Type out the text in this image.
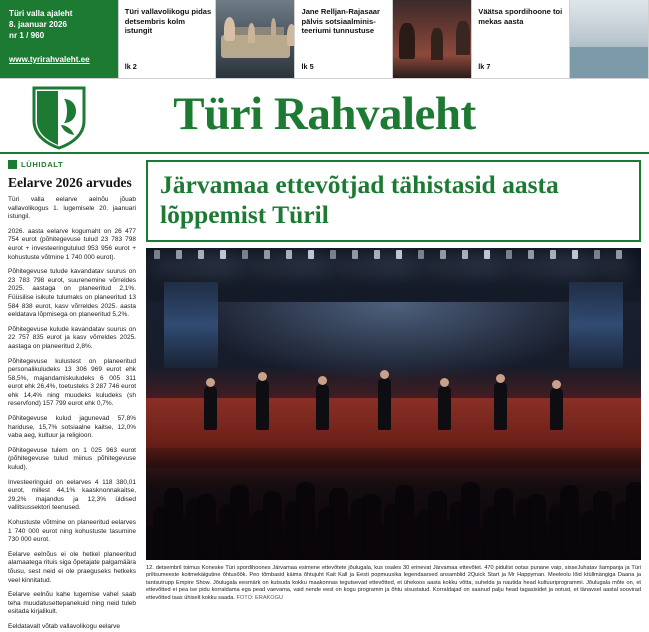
Türi valla ajaleht
8. jaanuar 2026
nr 1 / 960
www.tyrirahvaleht.ee
Türi vallavolikogu pidas detsembris kolm istungit
lk 2
Jane Relljan-Rajasaar pälvis sotsiaalminis-teeriumi tunnustuse
lk 5
Väätsa spordihoone toi mekas aasta
lk 7
Türi Rahvaleht
LÜHIDALT
Eelarve 2026 arvudes

Türi valla eelarve aelnõu jõuab vallavolikogus 1. lugemisele 20. jaanuari istungil.

2026. aasta eelarve kogumaht on 26 477 754 eurot (põhitegevuse tulud 23 783 798 eurot + investeeringutulud 953 956 eurot + kohustuste võtmine 1 740 000 eurot).

Põhitegevuse tulude kavandatav suurus on 23 783 798 eurot, suurenemine võrreldes 2025. aastaga on planeeritud 2,1%. Füüsilise isikute tulumaks on planeeritud 13 584 838 eurot, kasv võrreldes 2025. aasta eeldatava lõpmisega on planeeritud 5,2%.

Põhitegevuse kulude kavandatav suurus on 22 757 835 eurot ja kasv võrreldes 2025. aastaga on planeeritud 2,8%.

Põhitegevuse kulustest on planeeritud personalikuludeks 13 306 969 eurot ehk 58,5%, majandamiskuludeks 6 005 311 eurot ehk 26,4%, toetusteks 3 287 746 eurot ehk 14,4% ning muudeks kuludeks (sh reservfond) 157 799 eurot ehk 0,7%.

Põhitegevuse kulud jagunevad 57,8% hariduse, 15,7% sotsiaalne kaitse, 12,0% vaba aeg, kultuur ja religioon.

Põhitegevuse tulem on 1 025 963 eurot (põhitegevuse tulud miinus põhitegevuse kulud).

Investeeringuid on eelarves 4 118 380,01 eurot, millest 44,1% kaasknonnakaitse, 29,2% majandus ja 12,3% üldised vallitsussektori teenused.

Kohustuste võtmine on planeeritud eelarves 1 740 000 eurot ning kohustuste tasumine 730 000 eurot.

Eelarve eelnõus ei ole hetkel planeeritud alamaatega rituis siga õpetajate palgamäära tõusu, sest neid ei ole praeguseks hetkeks veel kinnitatud.

Eelarve eelnõu kahe lugemise vahel saab teha muudatusettepanekuid ning neid tuleb esitada kirjalikult.

Eeldatavalt võtab vallavolikogu eelarve

Järvamaa ettevõtjad tähistasid aasta lõppemist Türil
12. detsembril toimus Koneske Türi spordihoones Järvamaa esimene ettevõtete jõulugala, kus osales 30 erinevat Järvamaa ettevõtet. 470 pidulist ootas punane vaip, sisseJuhatav šampanja ja Türi priltsumeeste koitmekäigutine õhtusõõk. Peo tõmbasid käima õhtujuht Kait Kall ja Eesti popmuusika legendaarsed ansamblid 2Quick Start ja Mr Happyman. Meeleolu lõid ktüllmängiga Daana ja tantsutrupp Empire Show. Jõulugala eesmärk on kutsuda kokku maakonnas tegutsevad ettevõtted, et ühekoos aasta kokku võtta, suhelda ja nautida head kultuuriprogrammi. Jõulugala mõte on, et ettevõtted ei pea ise pidu korraldama ega pead vaevama, vaid nende eest on kogu programm ja õhtu sisustatud. Korraldajad on saanud palju head tagasisidet ja ootust, et tänavsel aastal soovirad ettevõtted taas ühiselt kokku saada. FOTO: ERAKOGU
